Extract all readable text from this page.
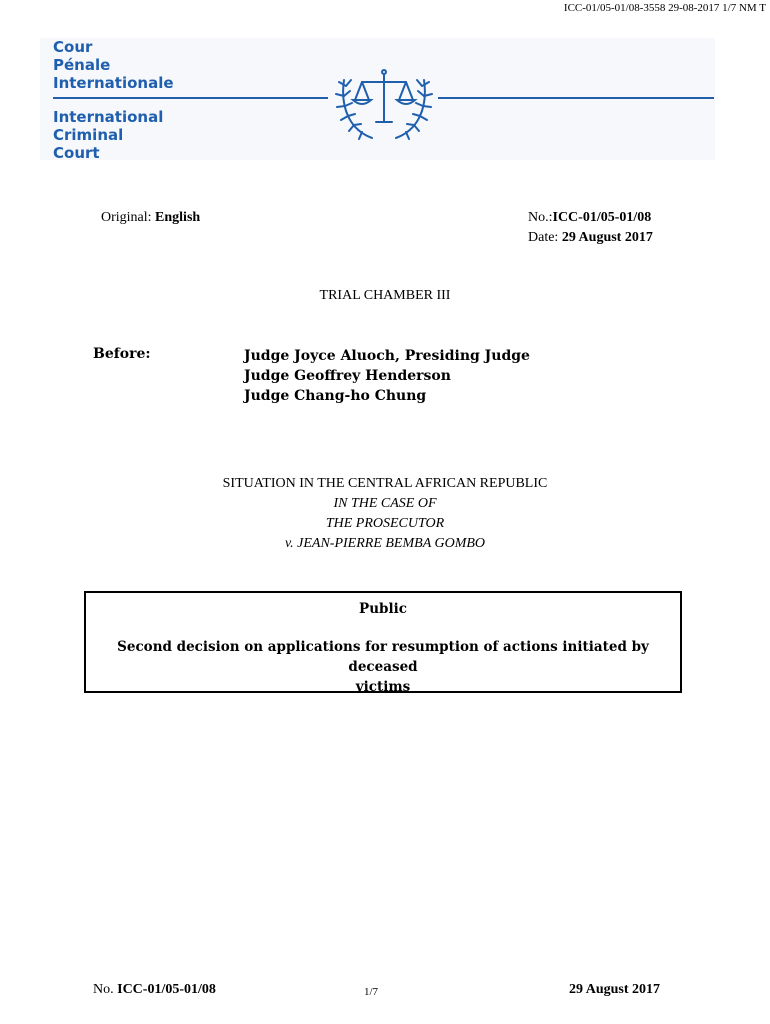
ICC-01/05-01/08-3558 29-08-2017 1/7 NM T
Cour
Pénale
Internationale
International
Criminal
Court
Original: English	No.:ICC-01/05-01/08
Date: 29 August 2017
TRIAL CHAMBER III
Before:	Judge Joyce Aluoch, Presiding Judge
Judge Geoffrey Henderson
Judge Chang-ho Chung
SITUATION IN THE CENTRAL AFRICAN REPUBLIC
IN THE CASE OF
THE PROSECUTOR
v. JEAN-PIERRE BEMBA GOMBO
Public
Second decision on applications for resumption of actions initiated by deceased
victims
No. ICC-01/05-01/08	1/7	29 August 2017
